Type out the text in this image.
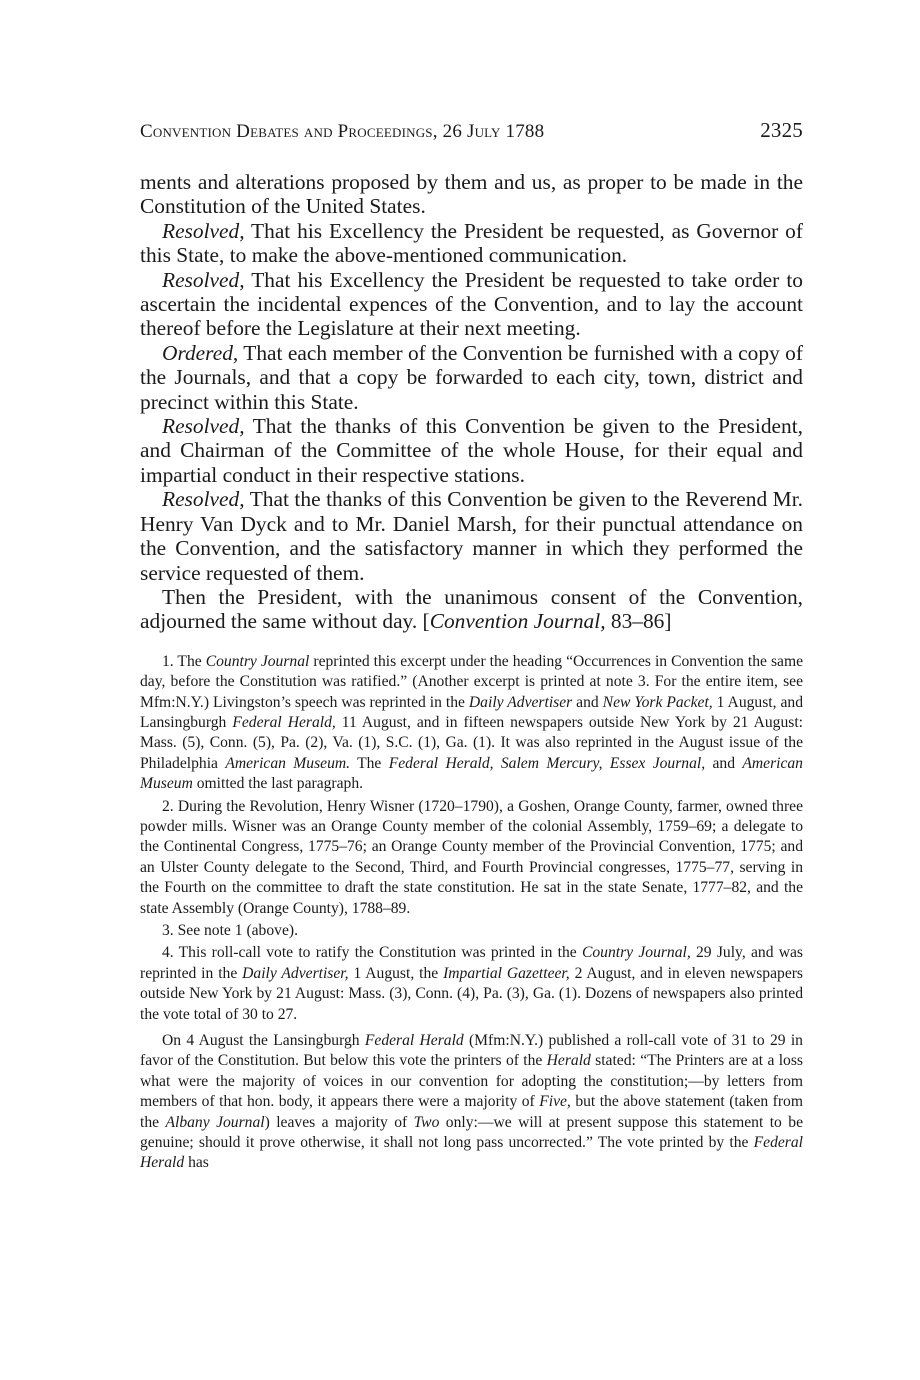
Convention Debates and Proceedings, 26 July 1788	2325

ments and alterations proposed by them and us, as proper to be made in the Constitution of the United States.

Resolved, That his Excellency the President be requested, as Governor of this State, to make the above-mentioned communication.

Resolved, That his Excellency the President be requested to take order to ascertain the incidental expences of the Convention, and to lay the account thereof before the Legislature at their next meeting.

Ordered, That each member of the Convention be furnished with a copy of the Journals, and that a copy be forwarded to each city, town, district and precinct within this State.

Resolved, That the thanks of this Convention be given to the President, and Chairman of the Committee of the whole House, for their equal and impartial conduct in their respective stations.

Resolved, That the thanks of this Convention be given to the Reverend Mr. Henry Van Dyck and to Mr. Daniel Marsh, for their punctual attendance on the Convention, and the satisfactory manner in which they performed the service requested of them.

Then the President, with the unanimous consent of the Convention, adjourned the same without day. [Convention Journal, 83–86]

1. The Country Journal reprinted this excerpt under the heading “Occurrences in Convention the same day, before the Constitution was ratified.” (Another excerpt is printed at note 3. For the entire item, see Mfm:N.Y.) Livingston’s speech was reprinted in the Daily Advertiser and New York Packet, 1 August, and Lansingburgh Federal Herald, 11 August, and in fifteen newspapers outside New York by 21 August: Mass. (5), Conn. (5), Pa. (2), Va. (1), S.C. (1), Ga. (1). It was also reprinted in the August issue of the Philadelphia American Museum. The Federal Herald, Salem Mercury, Essex Journal, and American Museum omitted the last paragraph.

2. During the Revolution, Henry Wisner (1720–1790), a Goshen, Orange County, farmer, owned three powder mills. Wisner was an Orange County member of the colonial Assembly, 1759–69; a delegate to the Continental Congress, 1775–76; an Orange County member of the Provincial Convention, 1775; and an Ulster County delegate to the Second, Third, and Fourth Provincial congresses, 1775–77, serving in the Fourth on the committee to draft the state constitution. He sat in the state Senate, 1777–82, and the state Assembly (Orange County), 1788–89.

3. See note 1 (above).

4. This roll-call vote to ratify the Constitution was printed in the Country Journal, 29 July, and was reprinted in the Daily Advertiser, 1 August, the Impartial Gazetteer, 2 August, and in eleven newspapers outside New York by 21 August: Mass. (3), Conn. (4), Pa. (3), Ga. (1). Dozens of newspapers also printed the vote total of 30 to 27.

On 4 August the Lansingburgh Federal Herald (Mfm:N.Y.) published a roll-call vote of 31 to 29 in favor of the Constitution. But below this vote the printers of the Herald stated: “The Printers are at a loss what were the majority of voices in our convention for adopting the constitution;—by letters from members of that hon. body, it appears there were a majority of Five, but the above statement (taken from the Albany Journal) leaves a majority of Two only:—we will at present suppose this statement to be genuine; should it prove otherwise, it shall not long pass uncorrected.” The vote printed by the Federal Herald has
